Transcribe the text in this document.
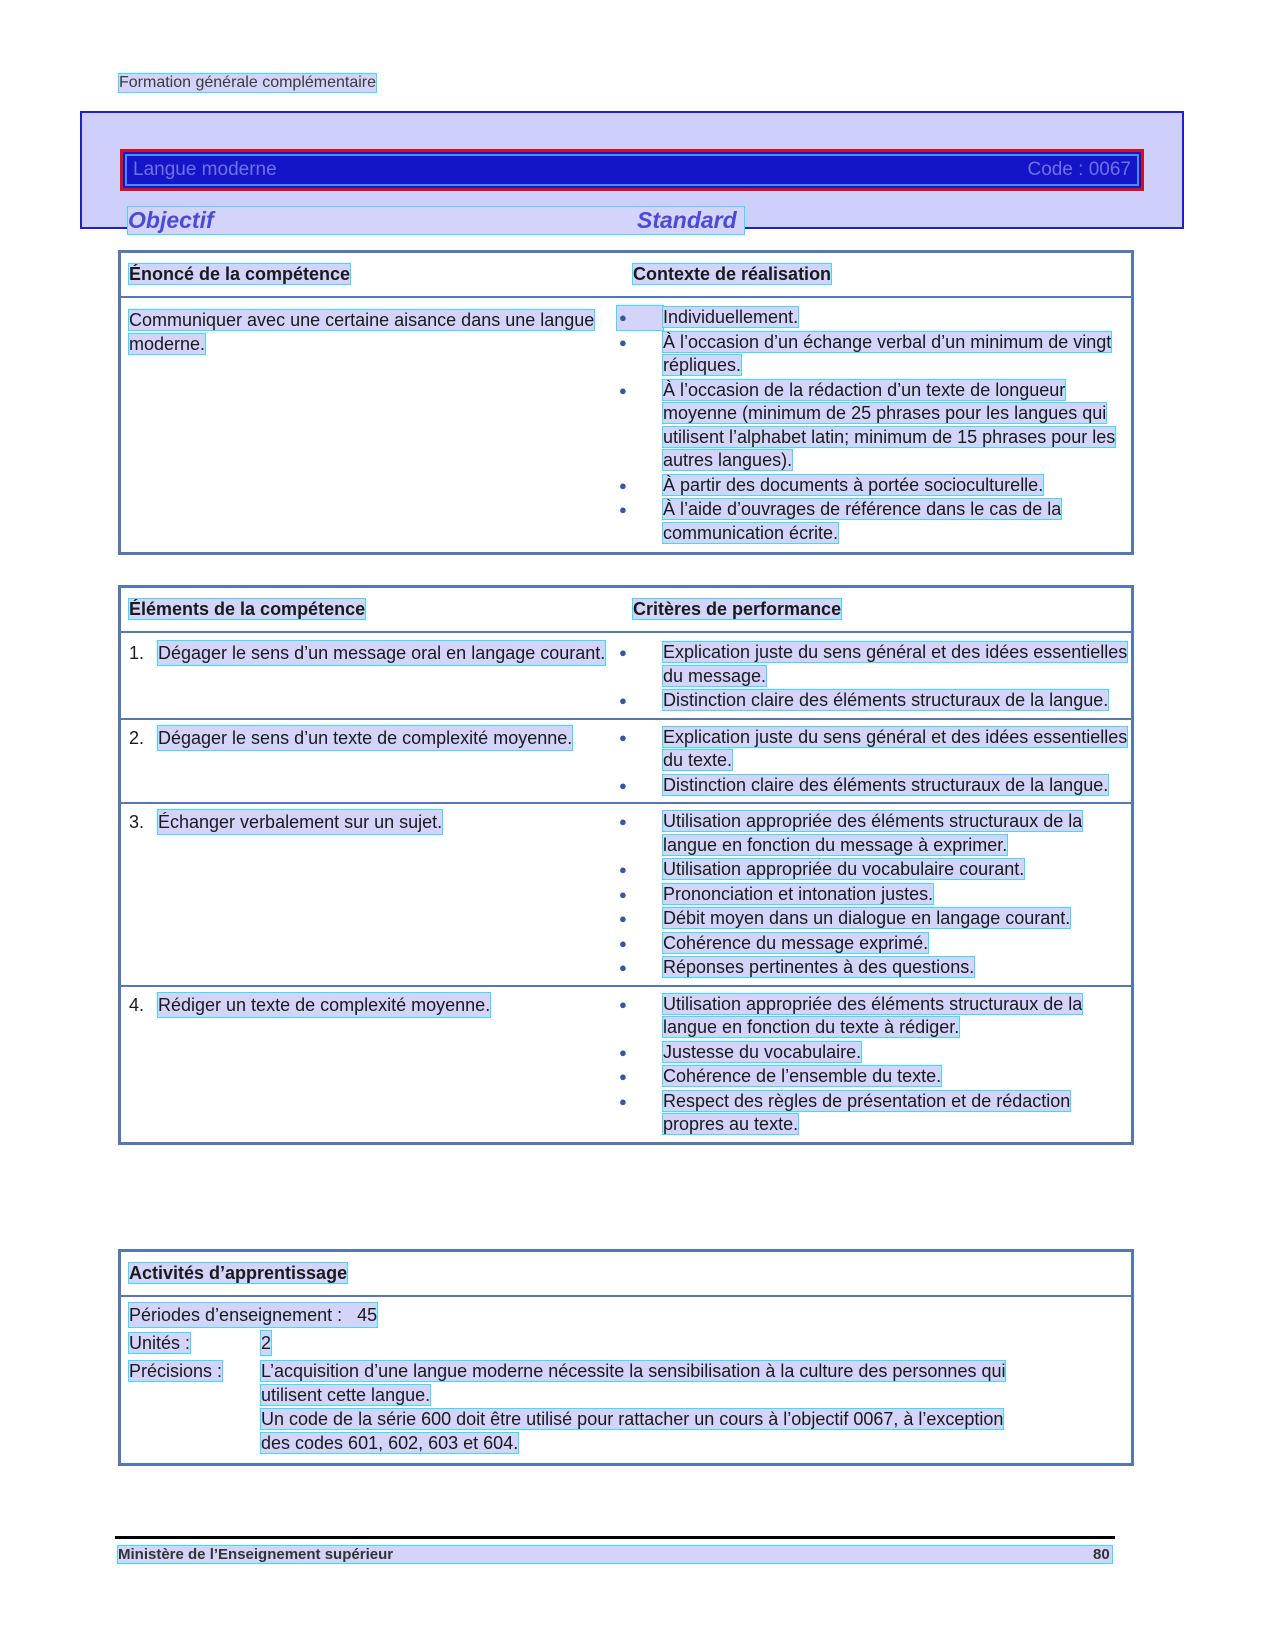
Formation générale complémentaire
Langue moderne	Code : 0067
Objectif	Standard
Énoncé de la compétence	Contexte de réalisation
Communiquer avec une certaine aisance dans une langue moderne.
●	Individuellement.
●	À l’occasion d’un échange verbal d’un minimum de vingt répliques.
●	À l’occasion de la rédaction d’un texte de longueur moyenne (minimum de 25 phrases pour les langues qui utilisent l’alphabet latin; minimum de 15 phrases pour les autres langues).
●	À partir des documents à portée socioculturelle.
●	À l’aide d’ouvrages de référence dans le cas de la communication écrite.
Éléments de la compétence	Critères de performance
1. Dégager le sens d’un message oral en langage courant. ●	Explication juste du sens général et des idées essentielles du message.
●	Distinction claire des éléments structuraux de la langue.
2. Dégager le sens d’un texte de complexité moyenne.	●	Explication juste du sens général et des idées essentielles du texte.
●	Distinction claire des éléments structuraux de la langue.
3. Échanger verbalement sur un sujet.	●	Utilisation appropriée des éléments structuraux de la langue en fonction du message à exprimer.
●	Utilisation appropriée du vocabulaire courant.
●	Prononciation et intonation justes.
●	Débit moyen dans un dialogue en langage courant.
●	Cohérence du message exprimé.
●	Réponses pertinentes à des questions.
4. Rédiger un texte de complexité moyenne.	●	Utilisation appropriée des éléments structuraux de la langue en fonction du texte à rédiger.
●	Justesse du vocabulaire.
●	Cohérence de l’ensemble du texte.
●	Respect des règles de présentation et de rédaction propres au texte.
Activités d’apprentissage
Périodes d’enseignement : 45
Unités :	2
Précisions :	L’acquisition d’une langue moderne nécessite la sensibilisation à la culture des personnes qui utilisent cette langue.
Un code de la série 600 doit être utilisé pour rattacher un cours à l’objectif 0067, à l’exception des codes 601, 602, 603 et 604.
Ministère de l’Enseignement supérieur	80
